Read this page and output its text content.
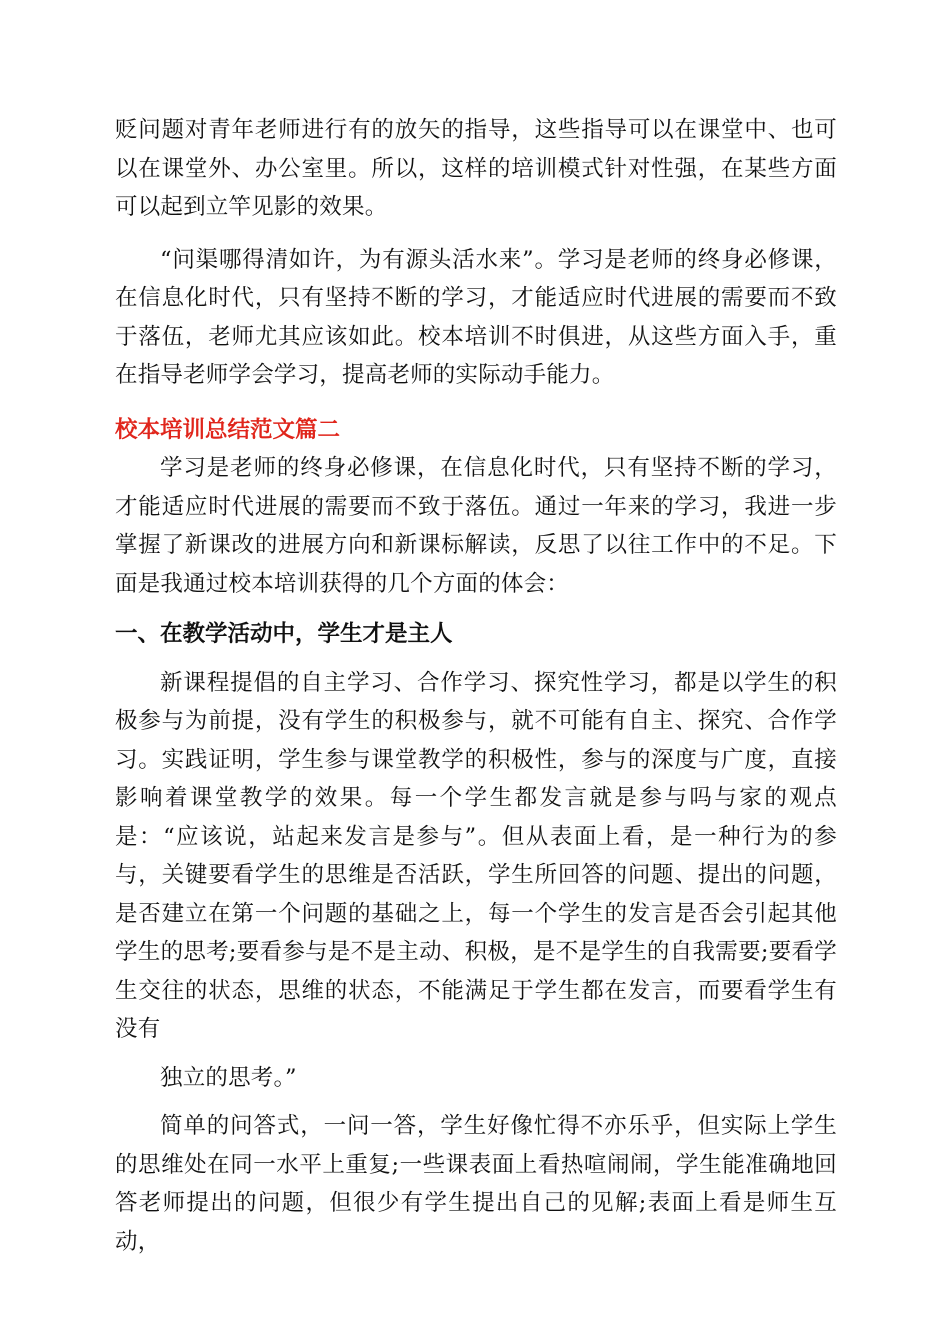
贬问题对青年老师进行有的放矢的指导，这些指导可以在课堂中、也可以在课堂外、办公室里。所以，这样的培训模式针对性强，在某些方面可以起到立竿见影的效果。

“问渠哪得清如许，为有源头活水来”。学习是老师的终身必修课，在信息化时代，只有坚持不断的学习，才能适应时代进展的需要而不致于落伍，老师尤其应该如此。校本培训不时俱进，从这些方面入手，重在指导老师学会学习，提高老师的实际动手能力。

校本培训总结范文篇二

学习是老师的终身必修课，在信息化时代，只有坚持不断的学习，才能适应时代进展的需要而不致于落伍。通过一年来的学习，我进一步掌握了新课改的进展方向和新课标解读，反思了以往工作中的不足。下面是我通过校本培训获得的几个方面的体会：

一、在教学活动中，学生才是主人

新课程提倡的自主学习、合作学习、探究性学习，都是以学生的积极参与为前提，没有学生的积极参与，就不可能有自主、探究、合作学习。实践证明，学生参与课堂教学的积极性，参与的深度与广度，直接影响着课堂教学的效果。每一个学生都发言就是参与吗与家的观点是：“应该说，站起来发言是参与”。但从表面上看，是一种行为的参与，关键要看学生的思维是否活跃，学生所回答的问题、提出的问题，是否建立在第一个问题的基础之上，每一个学生的发言是否会引起其他学生的思考;要看参与是不是主动、积极，是不是学生的自我需要;要看学生交往的状态，思维的状态，不能满足于学生都在发言，而要看学生有没有

独立的思考。”

简单的问答式，一问一答，学生好像忙得不亦乐乎，但实际上学生的思维处在同一水平上重复;一些课表面上看热喧闹闹，学生能准确地回答老师提出的问题，但很少有学生提出自己的见解;表面上看是师生互动，
